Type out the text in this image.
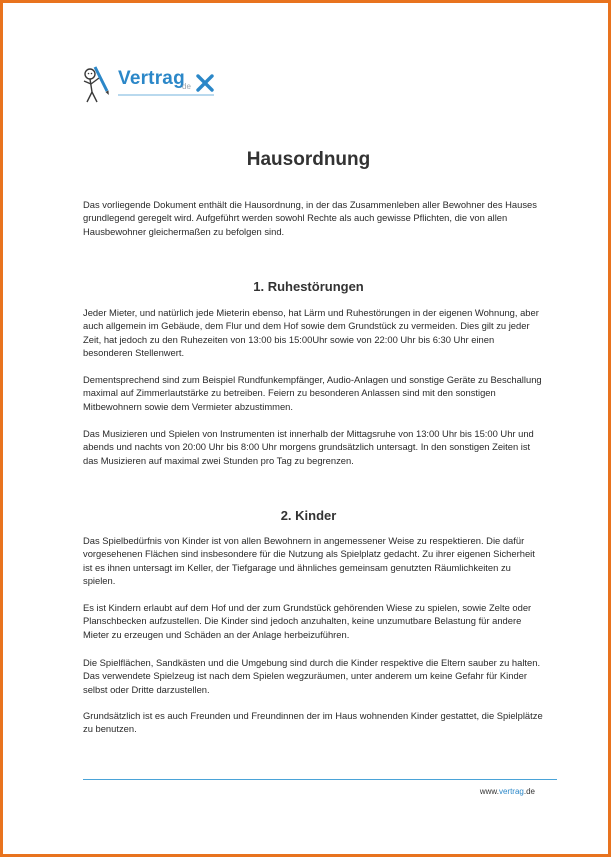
Vertrag
de
Hausordnung

Das vorliegende Dokument enthält die Hausordnung, in der das Zusammenleben aller Bewohner des Hauses grundlegend geregelt wird. Aufgeführt werden sowohl Rechte als auch gewisse Pflichten, die von allen Hausbewohner gleichermaßen zu befolgen sind.

1. Ruhestörungen

Jeder Mieter, und natürlich jede Mieterin ebenso, hat Lärm und Ruhestörungen in der eigenen Wohnung, aber auch allgemein im Gebäude, dem Flur und dem Hof sowie dem Grundstück zu vermeiden. Dies gilt zu jeder Zeit, hat jedoch zu den Ruhezeiten von 13:00 bis 15:00Uhr sowie von 22:00 Uhr bis 6:30 Uhr einen besonderen Stellenwert.

Dementsprechend sind zum Beispiel Rundfunkempfänger, Audio-Anlagen und sonstige Geräte zu Beschallung maximal auf Zimmerlautstärke zu betreiben. Feiern zu besonderen Anlassen sind mit den sonstigen Mitbewohnern sowie dem Vermieter abzustimmen.

Das Musizieren und Spielen von Instrumenten ist innerhalb der Mittagsruhe von 13:00 Uhr bis 15:00 Uhr und abends und nachts von 20:00 Uhr bis 8:00 Uhr morgens grundsätzlich untersagt. In den sonstigen Zeiten ist das Musizieren auf maximal zwei Stunden pro Tag zu begrenzen.

2. Kinder

Das Spielbedürfnis von Kinder ist von allen Bewohnern in angemessener Weise zu respektieren. Die dafür vorgesehenen Flächen sind insbesondere für die Nutzung als Spielplatz gedacht. Zu ihrer eigenen Sicherheit ist es ihnen untersagt im Keller, der Tiefgarage und ähnliches gemeinsam genutzten Räumlichkeiten zu spielen.

Es ist Kindern erlaubt auf dem Hof und der zum Grundstück gehörenden Wiese zu spielen, sowie Zelte oder Planschbecken aufzustellen. Die Kinder sind jedoch anzuhalten, keine unzumutbare Belastung für andere Mieter zu erzeugen und Schäden an der Anlage herbeizuführen.

Die Spielflächen, Sandkästen und die Umgebung sind durch die Kinder respektive die Eltern sauber zu halten. Das verwendete Spielzeug ist nach dem Spielen wegzuräumen, unter anderem um keine Gefahr für Kinder selbst oder Dritte darzustellen.

Grundsätzlich ist es auch Freunden und Freundinnen der im Haus wohnenden Kinder gestattet, die Spielplätze zu benutzen.

www.vertrag.de
